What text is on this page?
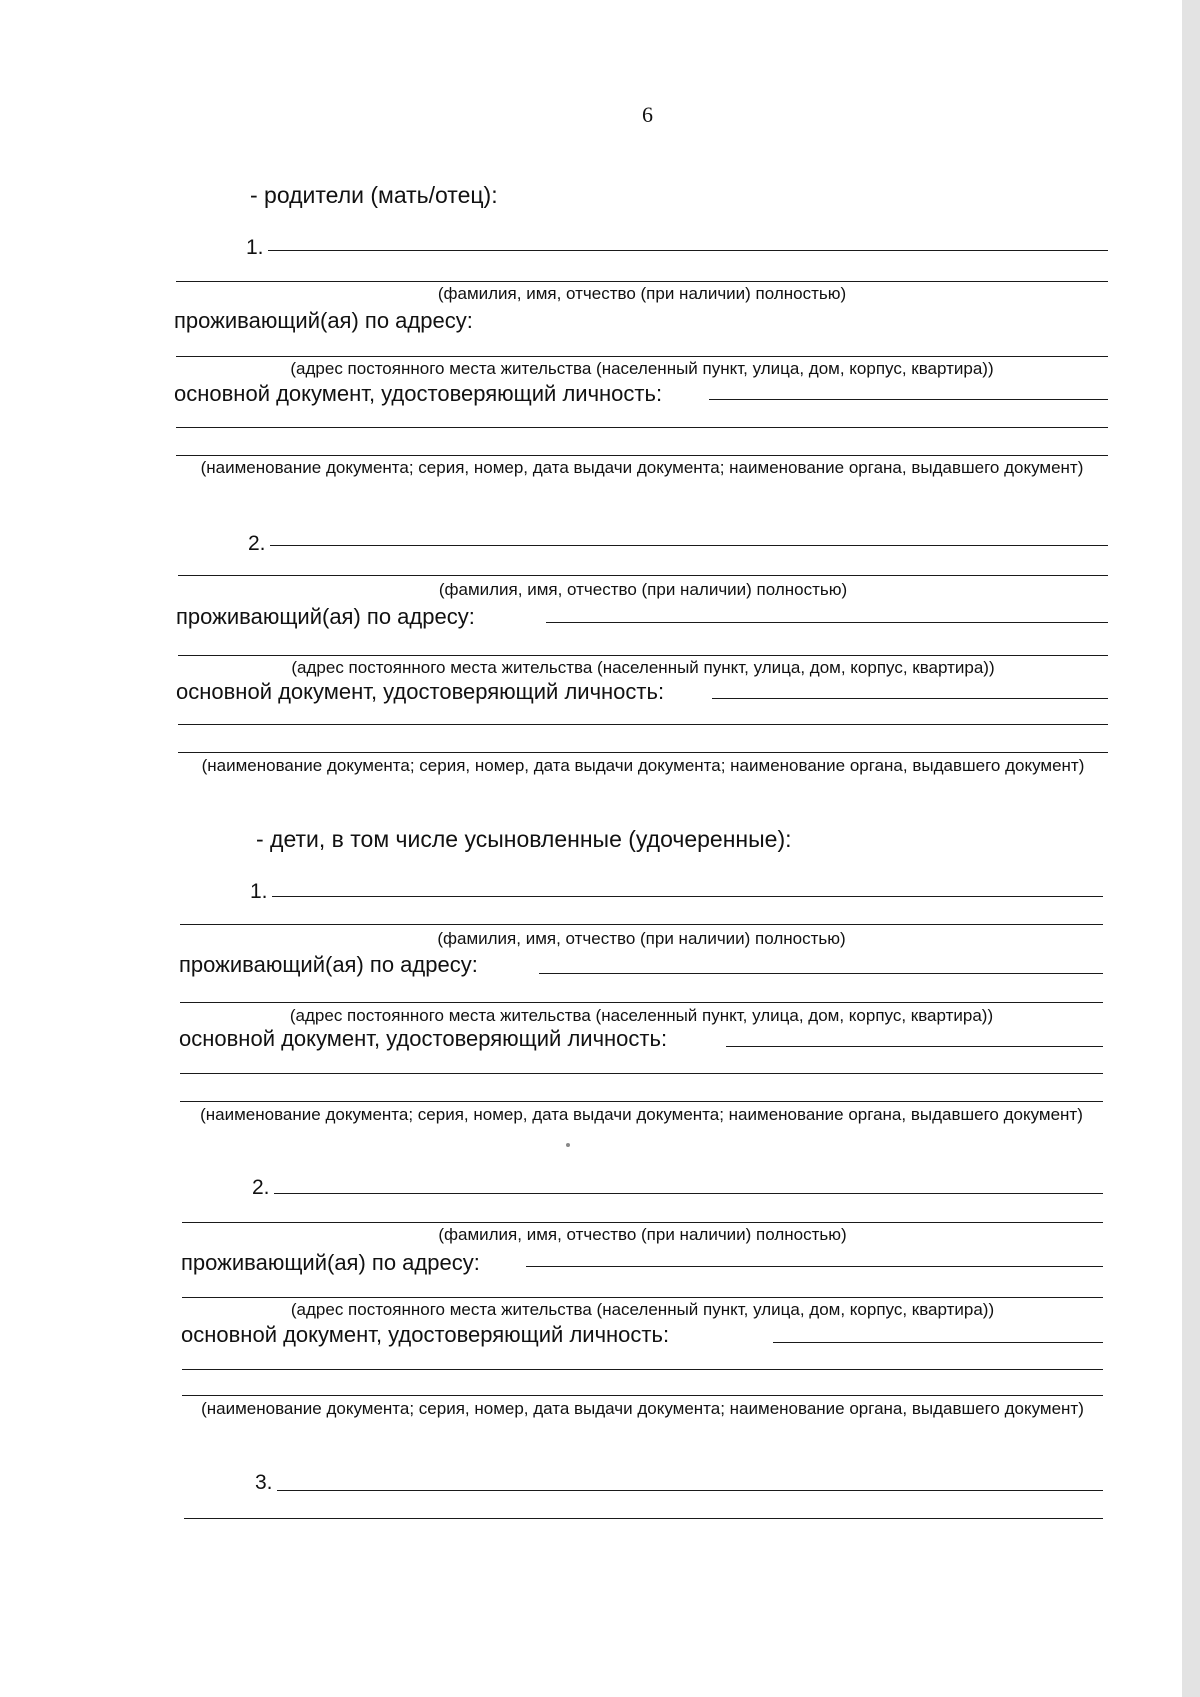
6
- родители (мать/отец):
1.
(фамилия, имя, отчество (при наличии) полностью)
проживающий(ая) по адресу:
(адрес постоянного места жительства (населенный пункт, улица, дом, корпус, квартира))
основной документ, удостоверяющий личность:
(наименование документа; серия, номер, дата выдачи документа; наименование органа, выдавшего документ)
2.
(фамилия, имя, отчество (при наличии) полностью)
проживающий(ая) по адресу:
(адрес постоянного места жительства (населенный пункт, улица, дом, корпус, квартира))
основной документ, удостоверяющий личность:
(наименование документа; серия, номер, дата выдачи документа; наименование органа, выдавшего документ)
- дети, в том числе усыновленные (удочеренные):
1.
(фамилия, имя, отчество (при наличии) полностью)
проживающий(ая) по адресу:
(адрес постоянного места жительства (населенный пункт, улица, дом, корпус, квартира))
основной документ, удостоверяющий личность:
(наименование документа; серия, номер, дата выдачи документа; наименование органа, выдавшего документ)
2.
(фамилия, имя, отчество (при наличии) полностью)
проживающий(ая) по адресу:
(адрес постоянного места жительства (населенный пункт, улица, дом, корпус, квартира))
основной документ, удостоверяющий личность:
(наименование документа; серия, номер, дата выдачи документа; наименование органа, выдавшего документ)
3.
